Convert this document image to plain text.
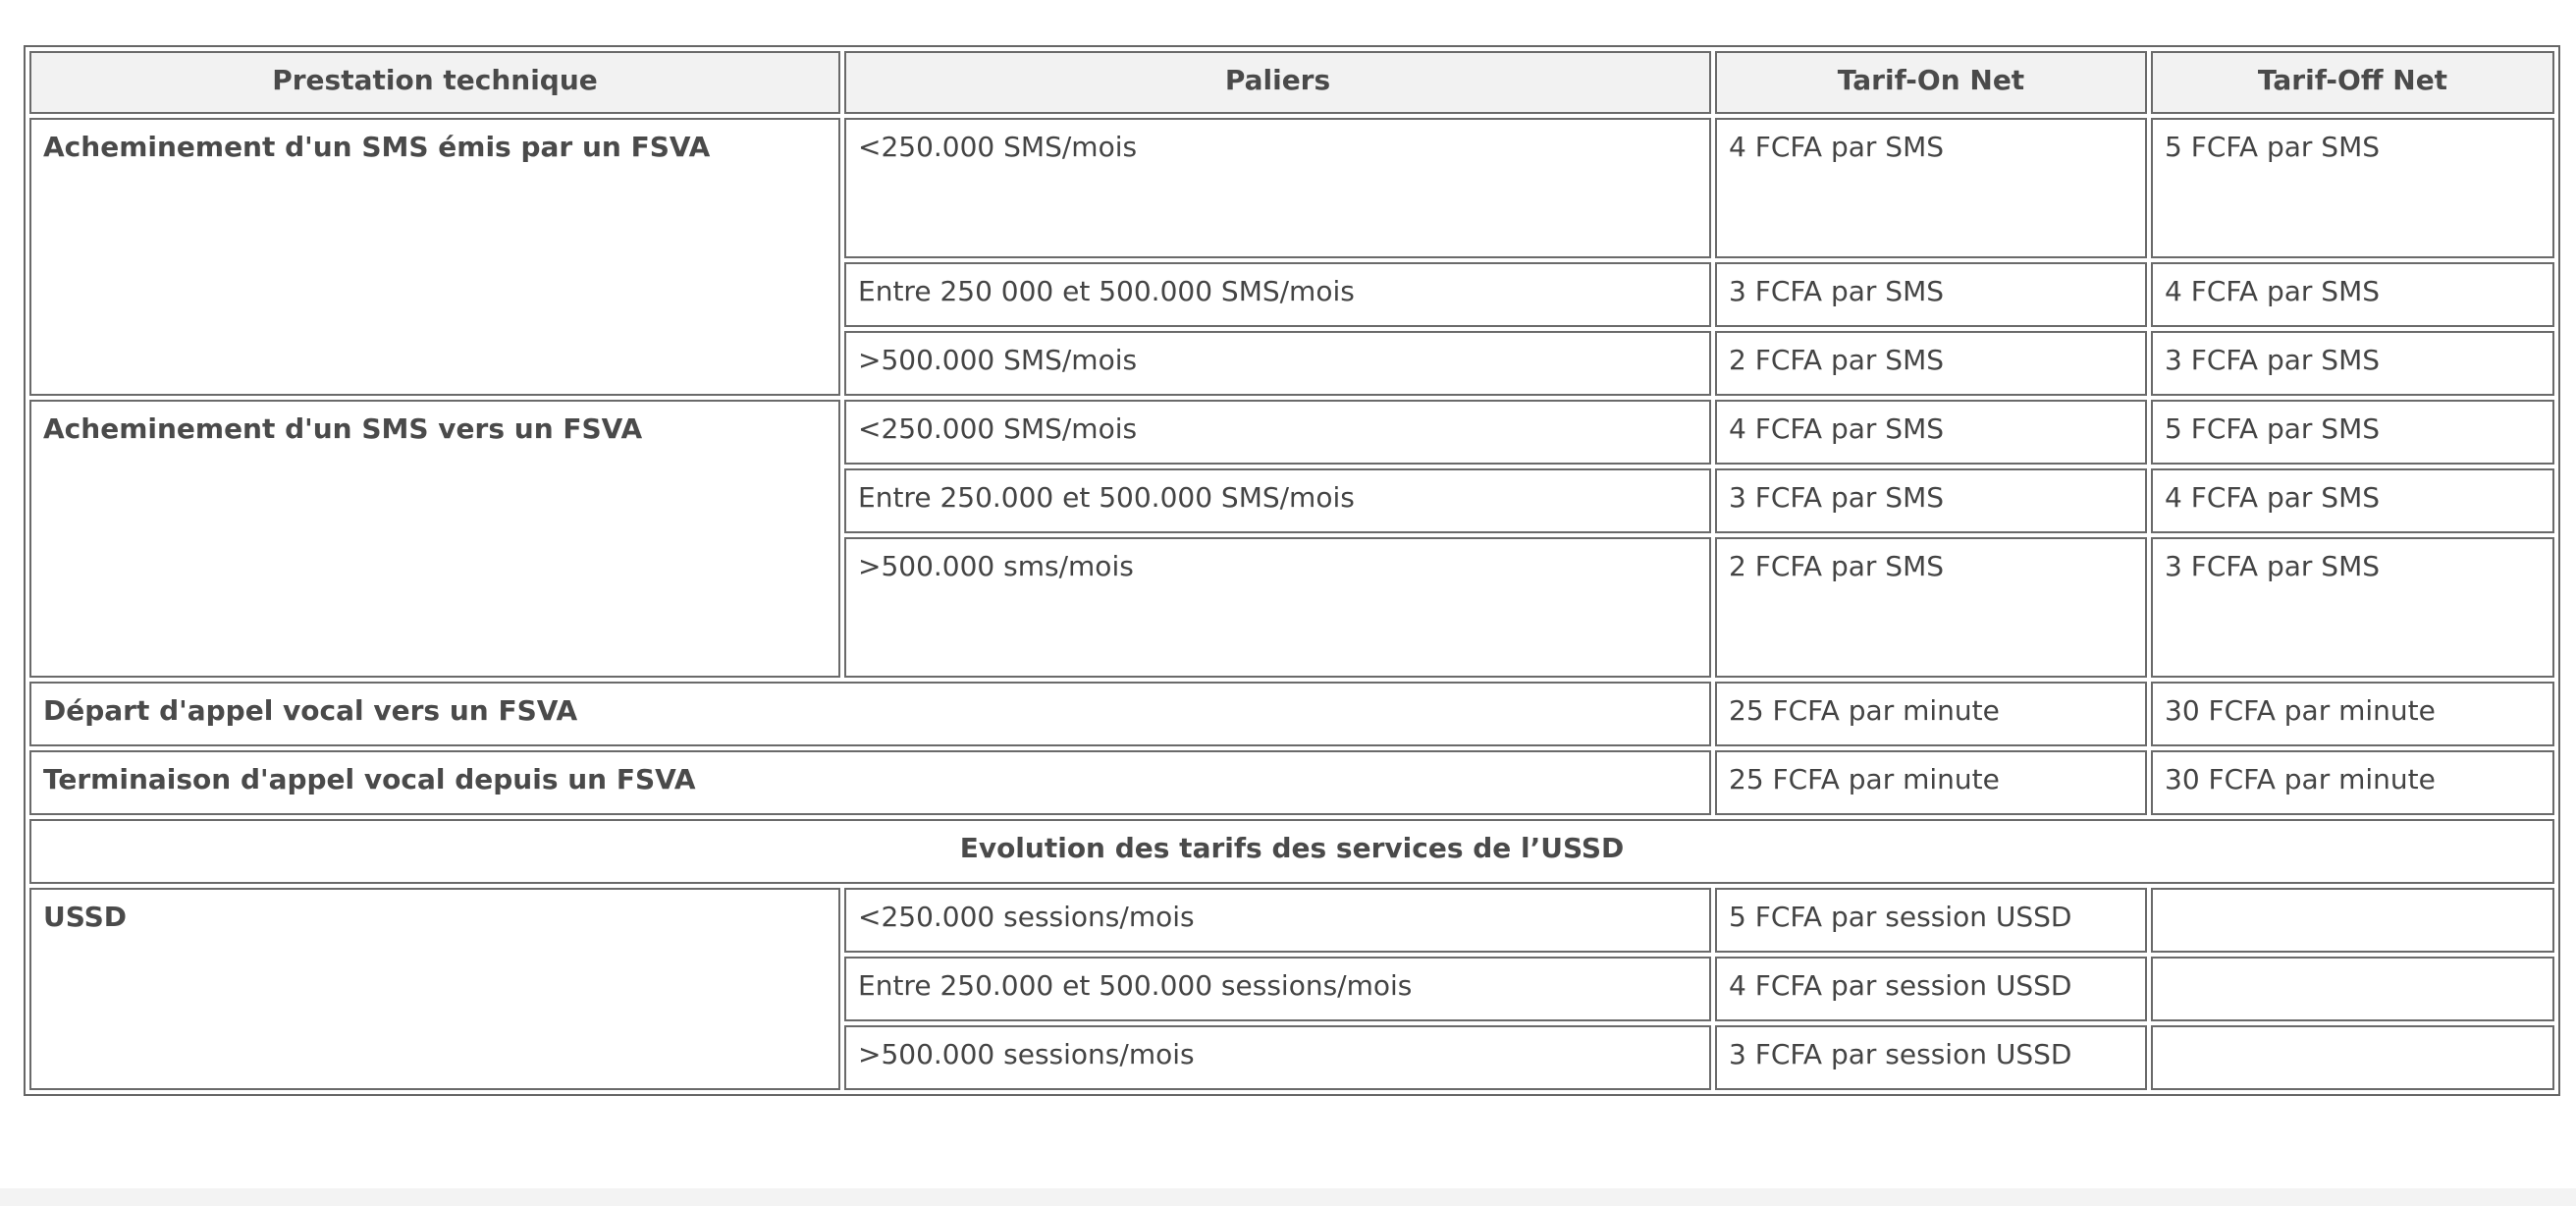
Prestation technique	Paliers	Tarif-On Net	Tarif-Off Net
Acheminement d'un SMS émis par un FSVA	<250.000 SMS/mois	4 FCFA par SMS	5 FCFA par SMS
	Entre 250 000 et 500.000 SMS/mois	3 FCFA par SMS	4 FCFA par SMS
	>500.000 SMS/mois	2 FCFA par SMS	3 FCFA par SMS
Acheminement d'un SMS vers un FSVA	<250.000 SMS/mois	4 FCFA par SMS	5 FCFA par SMS
	Entre 250.000 et 500.000 SMS/mois	3 FCFA par SMS	4 FCFA par SMS
	>500.000 sms/mois	2 FCFA par SMS	3 FCFA par SMS
Départ d'appel vocal vers un FSVA		25 FCFA par minute	30 FCFA par minute
Terminaison d'appel vocal depuis un FSVA		25 FCFA par minute	30 FCFA par minute
Evolution des tarifs des services de l’USSD			
USSD	<250.000 sessions/mois	5 FCFA par session USSD	
	Entre 250.000 et 500.000 sessions/mois	4 FCFA par session USSD	
	>500.000 sessions/mois	3 FCFA par session USSD	
